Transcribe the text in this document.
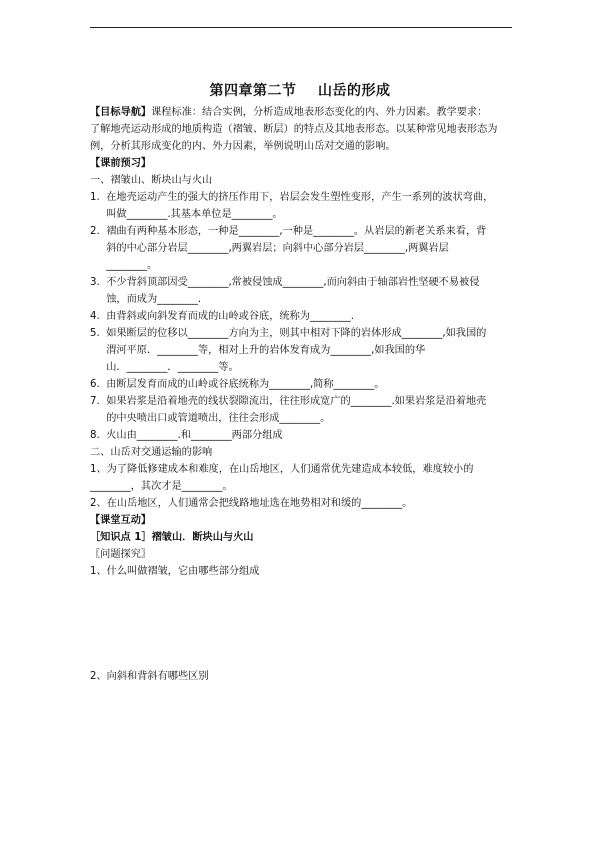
第四章第二节    山岳的形成
【目标导航】课程标准：结合实例，分析造成地表形态变化的内、外力因素。教学要求：
了解地壳运动形成的地质构造（褶皱、断层）的特点及其地表形态。以某种常见地表形态为
例，分析其形成变化的内、外力因素，举例说明山岳对交通的影响。
【课前预习】
一、褶皱山、断块山与火山
1.  在地壳运动产生的强大的挤压作用下，岩层会发生塑性变形，产生一系列的波状弯曲，
叫做________.其基本单位是________。
2.  褶曲有两种基本形态，一种是________,一种是________。从岩层的新老关系来看，背
斜的中心部分岩层________,两翼岩层；向斜中心部分岩层________,两翼岩层
________。
3.  不少背斜顶部因受________,常被侵蚀成________,而向斜由于轴部岩性坚硬不易被侵
蚀，而成为________.
4.  由背斜或向斜发育而成的山岭或谷底，统称为________.
5.  如果断层的位移以________方向为主，则其中相对下降的岩体形成________,如我国的
渭河平原．________等，相对上升的岩体发育成为________,如我国的华
山．________．________等。
6.  由断层发育而成的山岭或谷底统称为________,简称________。
7.  如果岩浆是沿着地壳的线状裂隙流出，往往形成宽广的________.如果岩浆是沿着地壳
的中央喷出口或管道喷出，往往会形成________。
8.  火山由________.和________两部分组成
二、山岳对交通运输的影响
1、为了降低修建成本和难度，在山岳地区，人们通常优先建造成本较低，难度较小的
________，其次才是________。
2、在山岳地区，人们通常会把线路地址选在地势相对和缓的________。
【课堂互动】
［知识点 1］褶皱山．断块山与火山
〖问题探究〗
1、什么叫做褶皱，它由哪些部分组成
2、向斜和背斜有哪些区别
